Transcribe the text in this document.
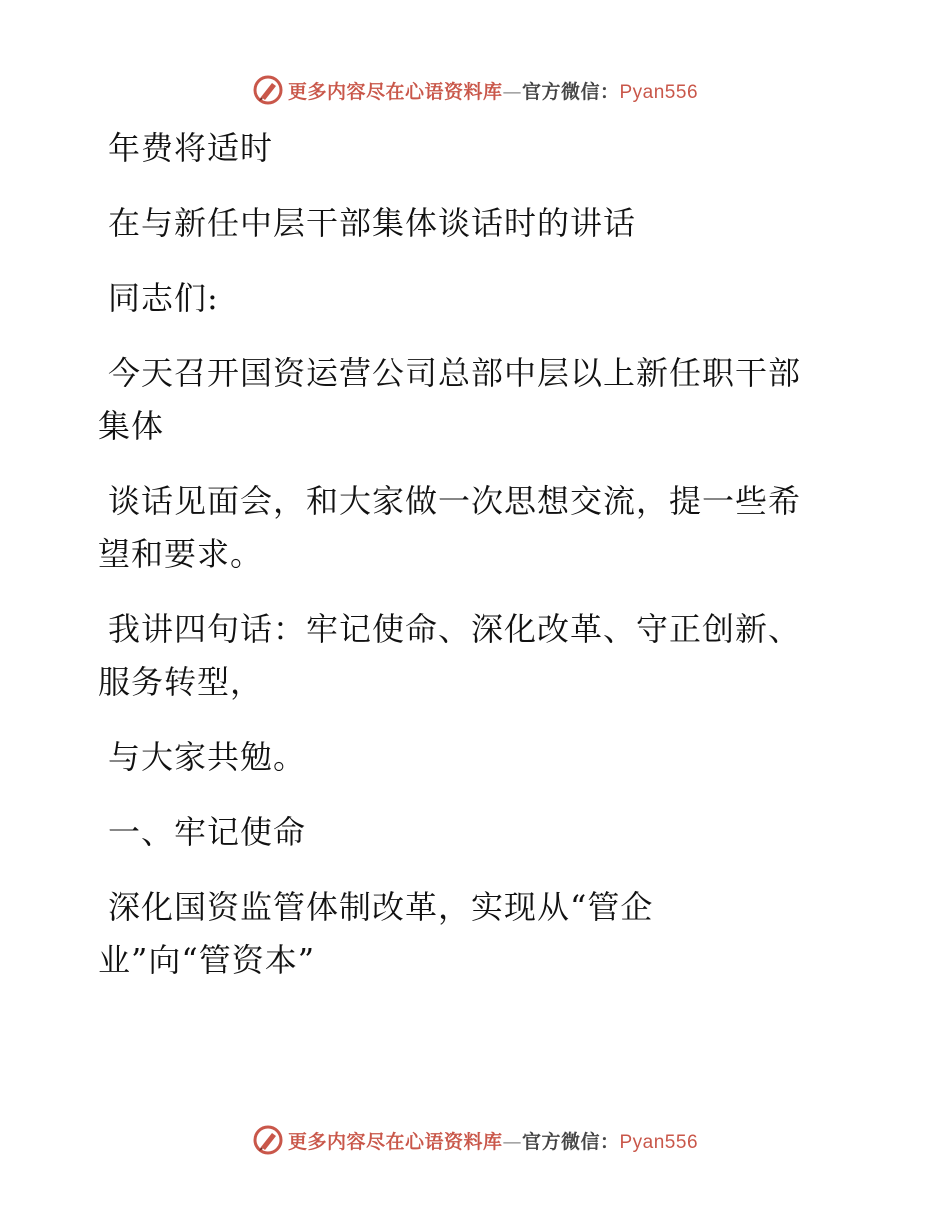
更多内容尽在心语资料库—官方微信：Pyan556

年费将适时

在与新任中层干部集体谈话时的讲话

同志们:

今天召开国资运营公司总部中层以上新任职干部
集体

谈话见面会，和大家做一次思想交流，提一些希
望和要求。

我讲四句话：牢记使命、深化改革、守正创新、
服务转型，

与大家共勉。

一、牢记使命

深化国资监管体制改革，实现从“管企
业”向“管资本”

更多内容尽在心语资料库—官方微信：Pyan556
